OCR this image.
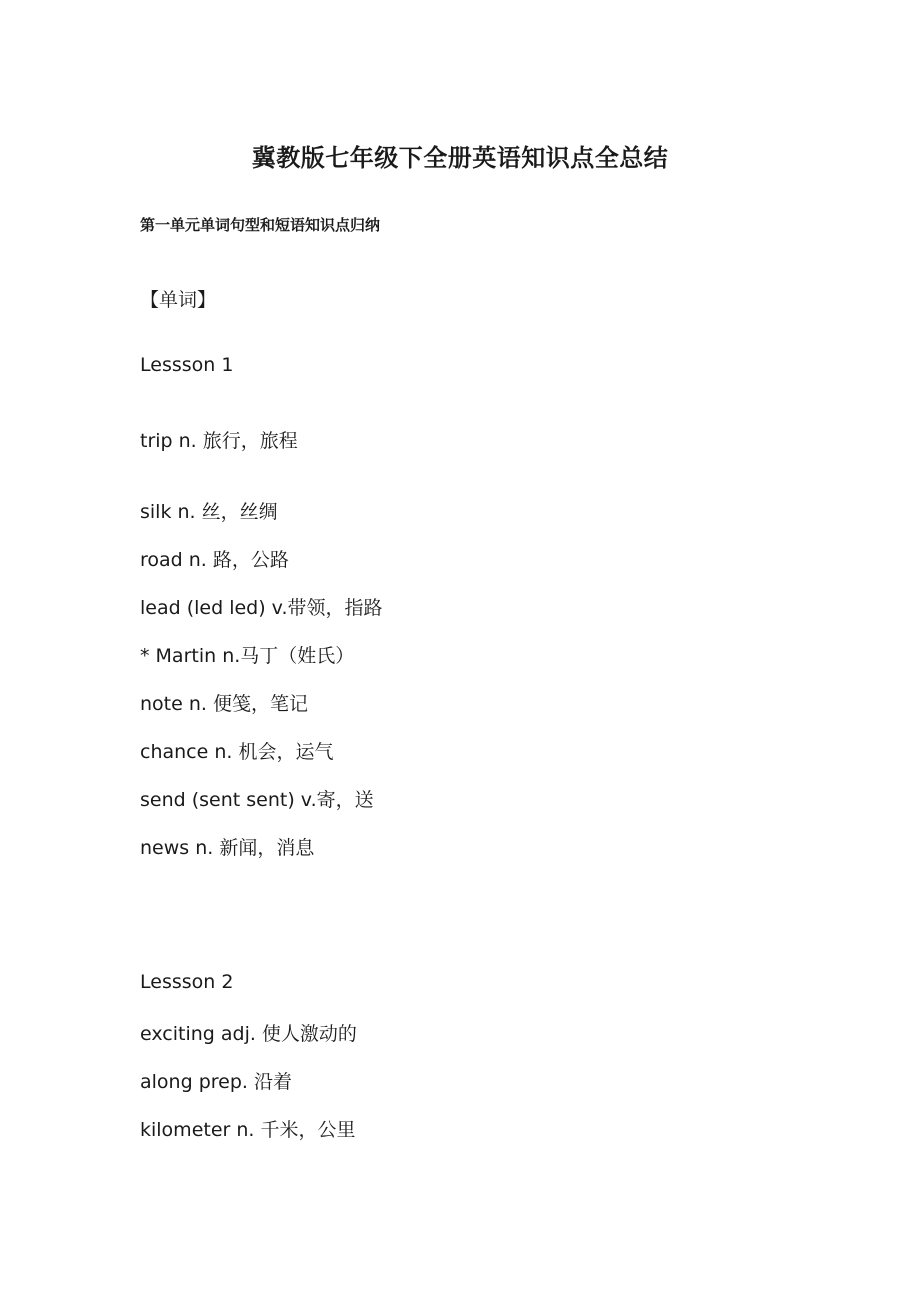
冀教版七年级下全册英语知识点全总结
第一单元单词句型和短语知识点归纳
【单词】
Lessson 1
trip n. 旅行，旅程
silk n. 丝，丝绸
road n. 路，公路
lead (led led) v.带领，指路
* Martin n.马丁（姓氏）
note n. 便笺，笔记
chance n. 机会，运气
send (sent sent) v.寄，送
news n. 新闻，消息
Lessson 2
exciting adj. 使人激动的
along prep. 沿着
kilometer n. 千米，公里
